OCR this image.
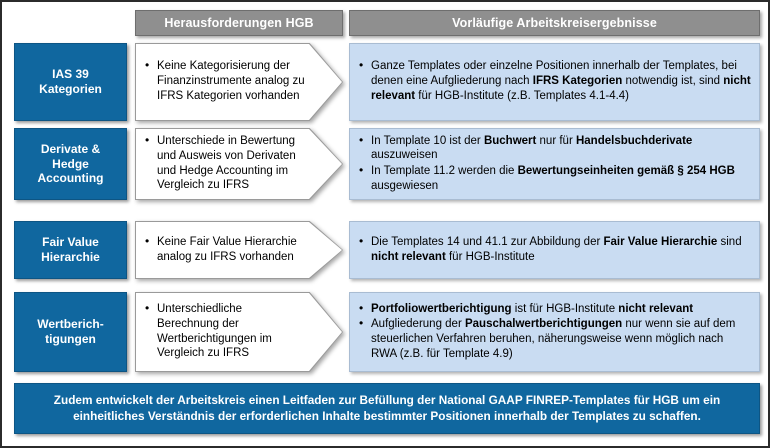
Herausforderungen HGB	Vorläufige Arbeitskreisergebnisse
IAS 39
Kategorien
• Keine Kategorisierung der Finanzinstrumente analog zu IFRS Kategorien vorhanden
• Ganze Templates oder einzelne Positionen innerhalb der Templates, bei denen eine Aufgliederung nach IFRS Kategorien notwendig ist, sind nicht relevant für HGB-Institute (z.B. Templates 4.1-4.4)
Derivate &
Hedge
Accounting
• Unterschiede in Bewertung und Ausweis von Derivaten und Hedge Accounting im Vergleich zu IFRS
• In Template 10 ist der Buchwert nur für Handelsbuchderivate auszuweisen
• In Template 11.2 werden die Bewertungseinheiten gemäß § 254 HGB ausgewiesen
Fair Value
Hierarchie
• Keine Fair Value Hierarchie analog zu IFRS vorhanden
• Die Templates 14 und 41.1 zur Abbildung der Fair Value Hierarchie sind nicht relevant für HGB-Institute
Wertberich-
tigungen
• Unterschiedliche Berechnung der Wertberichtigungen im Vergleich zu IFRS
• Portfoliowertberichtigung ist für HGB-Institute nicht relevant
• Aufgliederung der Pauschalwertberichtigungen nur wenn sie auf dem steuerlichen Verfahren beruhen, näherungsweise wenn möglich nach RWA (z.B. für Template 4.9)
Zudem entwickelt der Arbeitskreis einen Leitfaden zur Befüllung der National GAAP FINREP-Templates für HGB um ein einheitliches Verständnis der erforderlichen Inhalte bestimmter Positionen innerhalb der Templates zu schaffen.
